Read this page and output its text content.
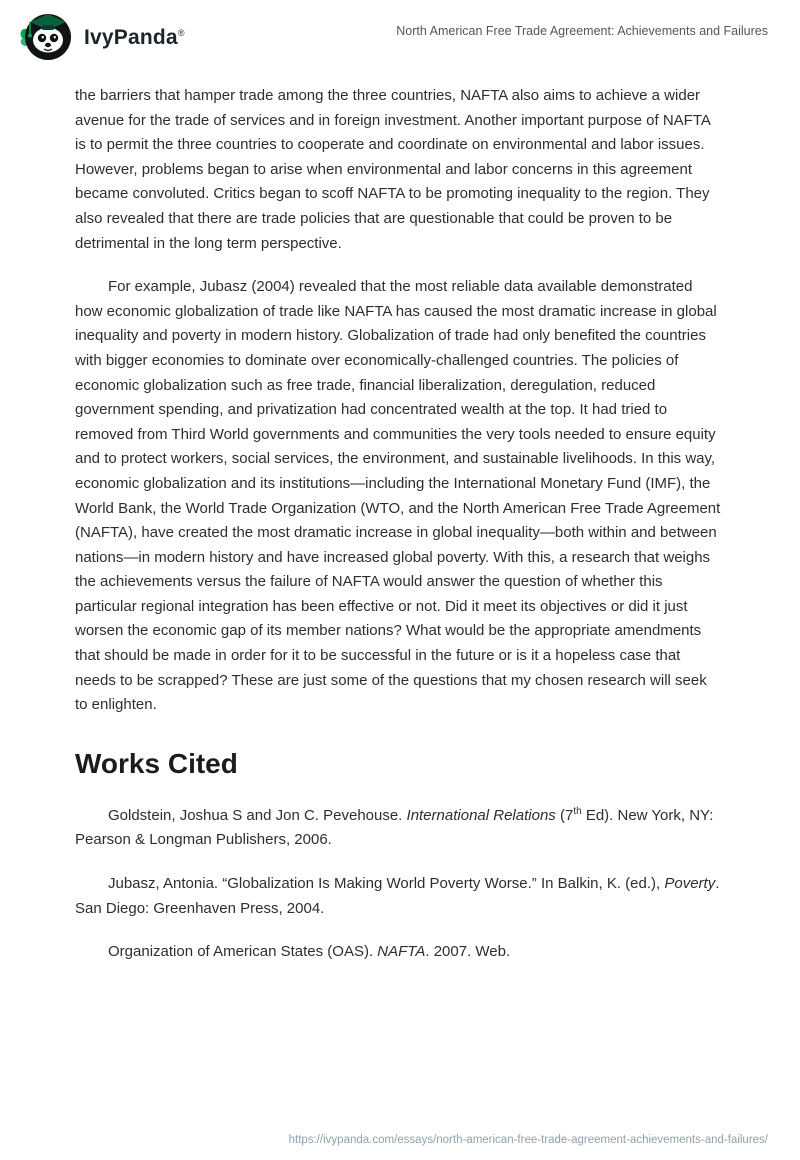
IvyPanda®	North American Free Trade Agreement: Achievements and Failures

the barriers that hamper trade among the three countries, NAFTA also aims to achieve a wider avenue for the trade of services and in foreign investment. Another important purpose of NAFTA is to permit the three countries to cooperate and coordinate on environmental and labor issues. However, problems began to arise when environmental and labor concerns in this agreement became convoluted. Critics began to scoff NAFTA to be promoting inequality to the region. They also revealed that there are trade policies that are questionable that could be proven to be detrimental in the long term perspective.

For example, Jubasz (2004) revealed that the most reliable data available demonstrated how economic globalization of trade like NAFTA has caused the most dramatic increase in global inequality and poverty in modern history. Globalization of trade had only benefited the countries with bigger economies to dominate over economically-challenged countries. The policies of economic globalization such as free trade, financial liberalization, deregulation, reduced government spending, and privatization had concentrated wealth at the top. It had tried to removed from Third World governments and communities the very tools needed to ensure equity and to protect workers, social services, the environment, and sustainable livelihoods. In this way, economic globalization and its institutions—including the International Monetary Fund (IMF), the World Bank, the World Trade Organization (WTO, and the North American Free Trade Agreement (NAFTA), have created the most dramatic increase in global inequality—both within and between nations—in modern history and have increased global poverty. With this, a research that weighs the achievements versus the failure of NAFTA would answer the question of whether this particular regional integration has been effective or not. Did it meet its objectives or did it just worsen the economic gap of its member nations? What would be the appropriate amendments that should be made in order for it to be successful in the future or is it a hopeless case that needs to be scrapped? These are just some of the questions that my chosen research will seek to enlighten.

Works Cited

Goldstein, Joshua S and Jon C. Pevehouse. International Relations (7th Ed). New York, NY: Pearson & Longman Publishers, 2006.

Jubasz, Antonia. “Globalization Is Making World Poverty Worse.” In Balkin, K. (ed.), Poverty. San Diego: Greenhaven Press, 2004.

Organization of American States (OAS). NAFTA. 2007. Web.

https://ivypanda.com/essays/north-american-free-trade-agreement-achievements-and-failures/
